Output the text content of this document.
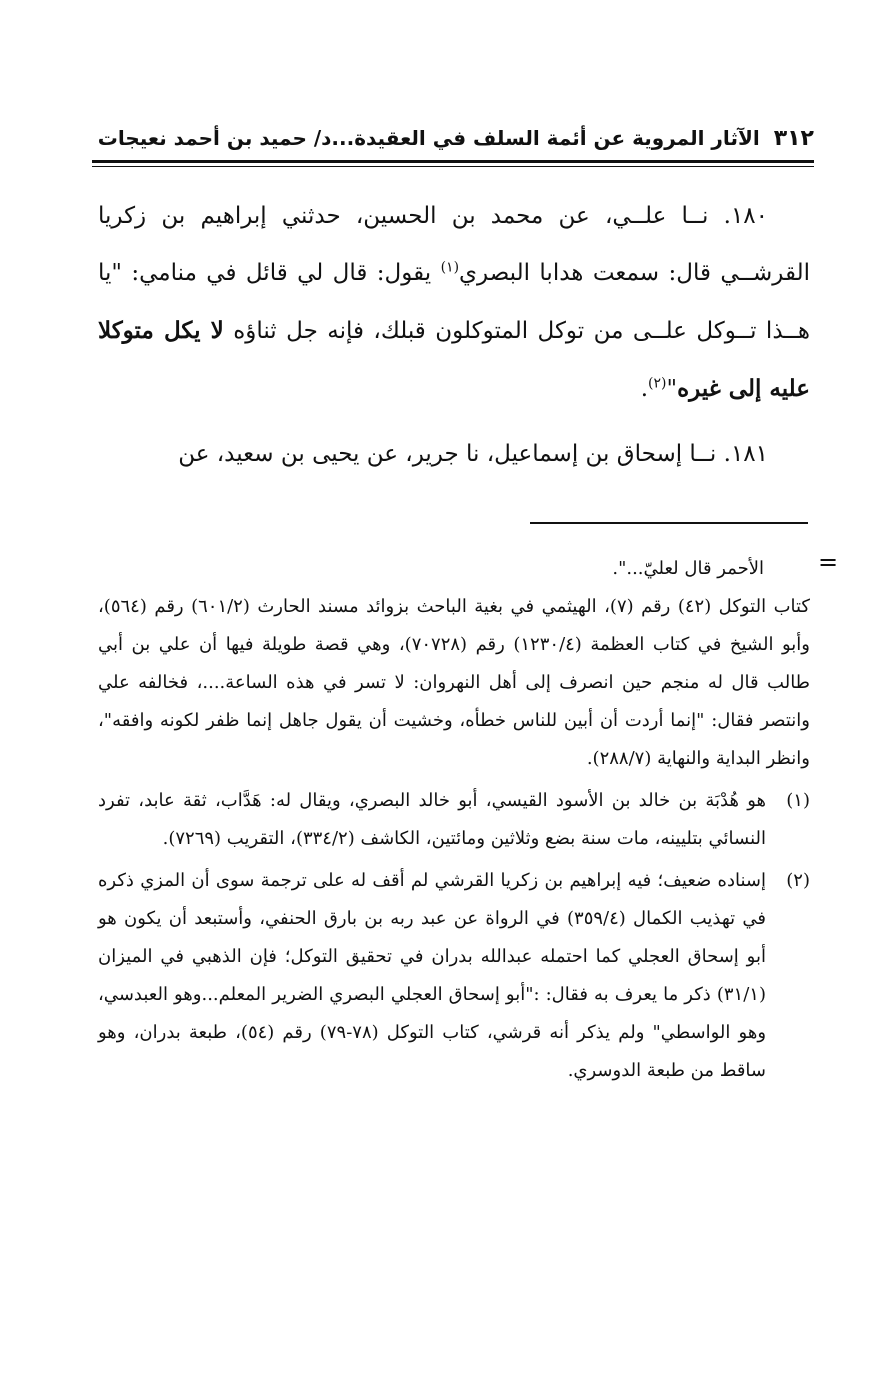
٣١٢
الآثار المروية عن أئمة السلف في العقيدة...د/ حميد بن أحمد نعيجات

١٨٠. نــا علــي، عن محمد بن الحسين، حدثني إبراهيم بن زكريا القرشــي قال: سمعت هدابا البصري$^{(١)}$ يقول: قال لي قائل في منامي: "يا هــذا تــوكل علــى من توكل المتوكلون قبلك، فإنه جل ثناؤه لا يكل متوكلا عليه إلى غيره"$^{(٢)}$.

١٨١. نــا إسحاق بن إسماعيل، نا جرير، عن يحيى بن سعيد، عن

=

الأحمر قال لعليّ...".

كتاب التوكل (٤٢) رقم (٧)، الهيثمي في بغية الباحث بزوائد مسند الحارث (٦٠١/٢) رقم (٥٦٤)، وأبو الشيخ في كتاب العظمة (١٢٣٠/٤) رقم (٧٠٧٢٨)، وهي قصة طويلة فيها أن علي بن أبي طالب قال له منجم حين انصرف إلى أهل النهروان: لا تسر في هذه الساعة....، فخالفه علي وانتصر فقال: "إنما أردت أن أبين للناس خطأه، وخشيت أن يقول جاهل إنما ظفر لكونه وافقه"، وانظر البداية والنهاية (٢٨٨/٧).

(١)
هو هُدْبَة بن خالد بن الأسود القيسي، أبو خالد البصري، ويقال له: هَدَّاب، ثقة عابد، تفرد النسائي بتليينه، مات سنة بضع وثلاثين ومائتين، الكاشف (٣٣٤/٢)، التقريب (٧٢٦٩).
(٢)
إسناده ضعيف؛ فيه إبراهيم بن زكريا القرشي لم أقف له على ترجمة سوى أن المزي ذكره في تهذيب الكمال (٣٥٩/٤) في الرواة عن عبد ربه بن بارق الحنفي، وأستبعد أن يكون هو أبو إسحاق العجلي كما احتمله عبدالله بدران في تحقيق التوكل؛ فإن الذهبي في الميزان (٣١/١) ذكر ما يعرف به فقال: :"أبو إسحاق العجلي البصري الضرير المعلم...وهو العبدسي، وهو الواسطي" ولم يذكر أنه قرشي، كتاب التوكل (٧٨-٧٩) رقم (٥٤)، طبعة بدران، وهو ساقط من طبعة الدوسري.
